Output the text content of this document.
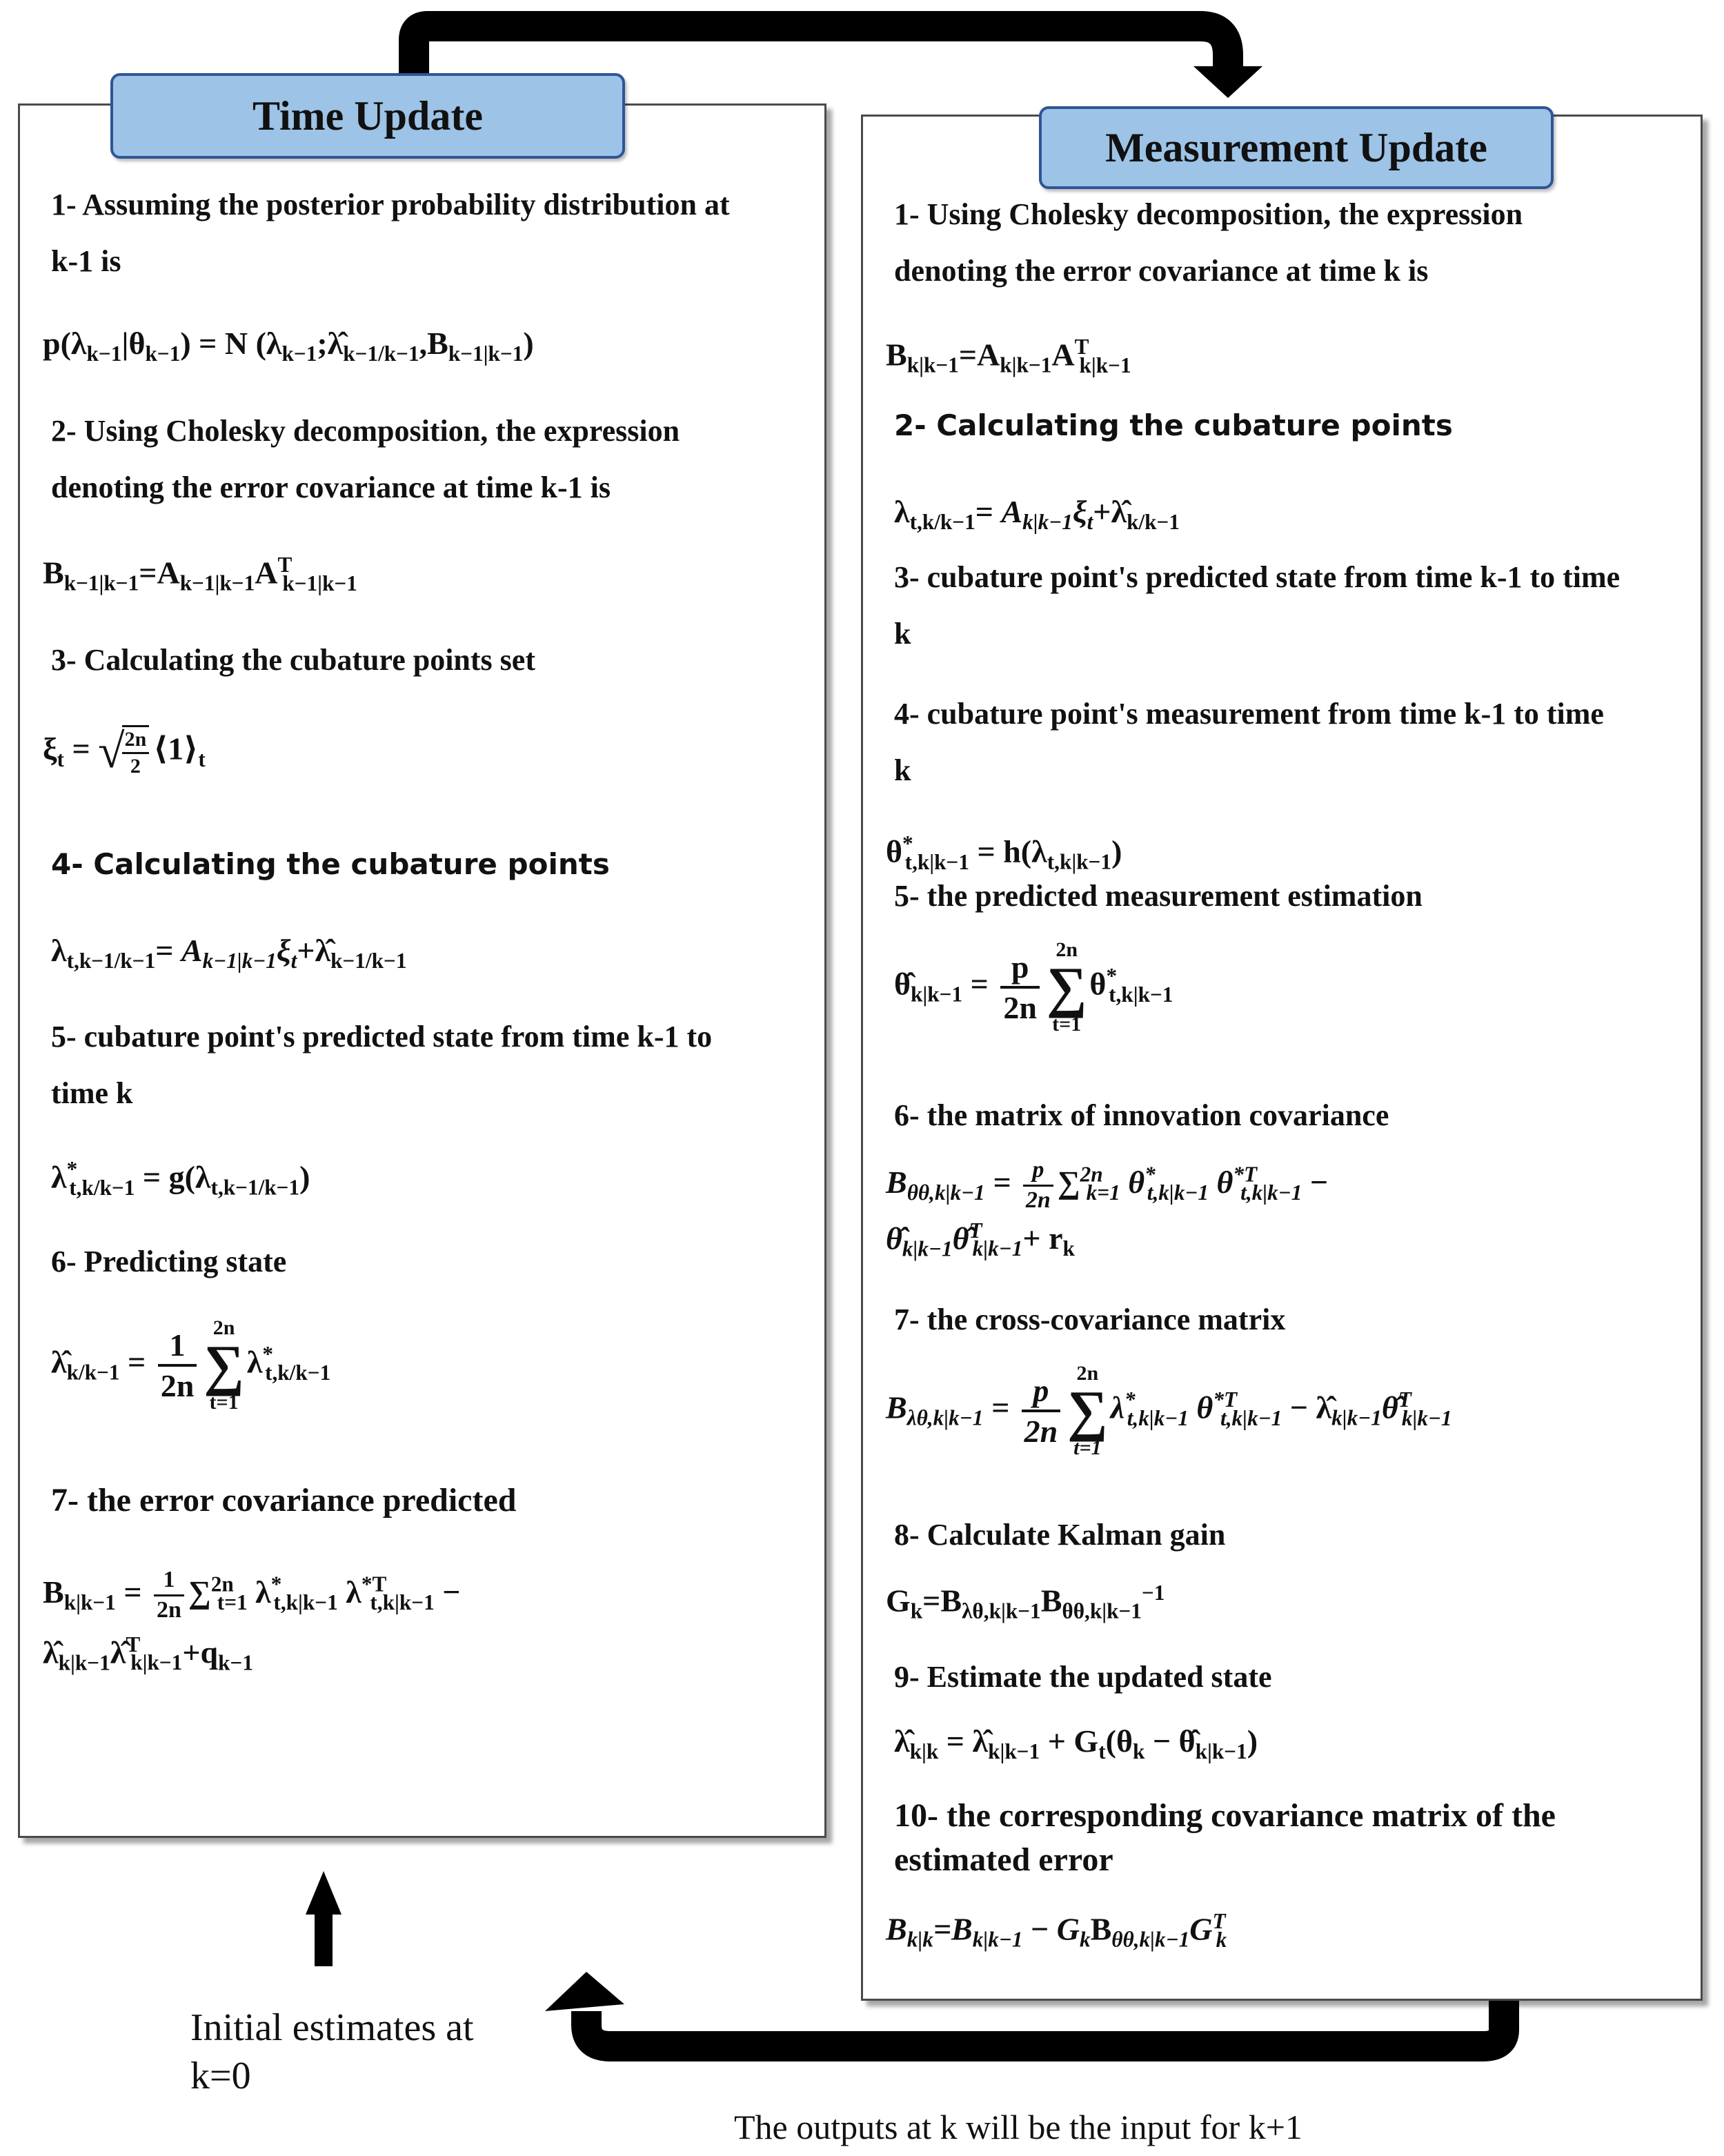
Time Update
Measurement Update
1- Assuming the posterior probability distribution at
k-1 is
$p(\lambda_{k-1}|\theta_{k-1}) = N$ $(\lambda_{k-1};\lambdâ_{k-1/k-1},B_{k-1|k-1})$
2- Using Cholesky decomposition, the expression
denoting the error covariance at time k-1 is
$B_{k-1|k-1}=A_{k-1|k-1}A^T_{k-1|k-1}$
3- Calculating the cubature points set
$\xi_t$ = √
$\frac{2n}{2}$ $⟨1⟩_t$
4- Calculating the cubature points
$\lambda_{t,k-1/k-1}=$ $A_{k-1|k-1}\xi_t+\lambdâ_{k-1/k-1}$
5- cubature point's predicted state from time k-1 to
time k
$\lambda^*_{t,k/k-1} = g(\lambda_{t,k-1/k-1})$
6- Predicting state
$\lambdâ_{k/k-1} = \frac{1}{2n} 2n$
∑
t=1
$\lambda^*_{t,k/k-1}$
7- the error covariance predicted
$B_{k|k-1} = \frac{1}{2n} \sum^{2n}_{t=1}$ $\lambda^*_{t,k|k-1}$ $\lambda^{*T}_{t,k|k-1}$ −
$\lambdâ_{k|k-1}\lambdâ^T_{k|k-1}+q_{k-1}$
1- Using Cholesky decomposition, the expression
denoting the error covariance at time k is
$B_{k|k-1}=A_{k|k-1}A^T_{k|k-1}$
2- Calculating the cubature points
$\lambda_{t,k/k-1}=$ $A_{k|k-1}\xi_t+\lambdâ_{k/k-1}$
3- cubature point's predicted state from time k-1 to time
k
4- cubature point's measurement from time k-1 to time
k
$\theta^*_{t,k|k-1} = h(\lambda_{t,k|k-1})$
5- the predicted measurement estimation
$\thetâ_{k|k-1} = \frac{p}{2n} 2n$
∑
t=1
$\theta^*_{t,k|k-1}$
6- the matrix of innovation covariance
$B_{\theta\theta,k|k-1} = \frac{p}{2n} \sum^{2n}_{k=1}$ $\theta^*_{t,k|k-1}$ $\theta^{*T}_{t,k|k-1}$ −
$\thetâ_{k|k-1}\thetâ^T_{k|k-1}+ r_k$
7- the cross-covariance matrix
$B_{\lambda\theta,k|k-1} = \frac{p}{2n} 2n$
∑
t=1
$\lambda^*_{t,k|k-1}$ $\theta^{*T}_{t,k|k-1}$ − $\lambdâ_{k|k-1}\thetâ^T_{k|k-1}$
8- Calculate Kalman gain
$G_k=B_{\lambda\theta,k|k-1}B_{\theta\theta,k|k-1}^{-1}$
9- Estimate the updated state
$\lambdâ_{k|k}$ = $\lambdâ_{k|k-1} + G_t(\theta_k$ − $\thetâ_{k|k-1}$)
10- the corresponding covariance matrix of the
estimated error
$B_{k|k}=B_{k|k-1} - G_kB_{\theta\theta,k|k-1}G^T_k$
Initial estimates at
k=0
The outputs at k will be the input for k+1
